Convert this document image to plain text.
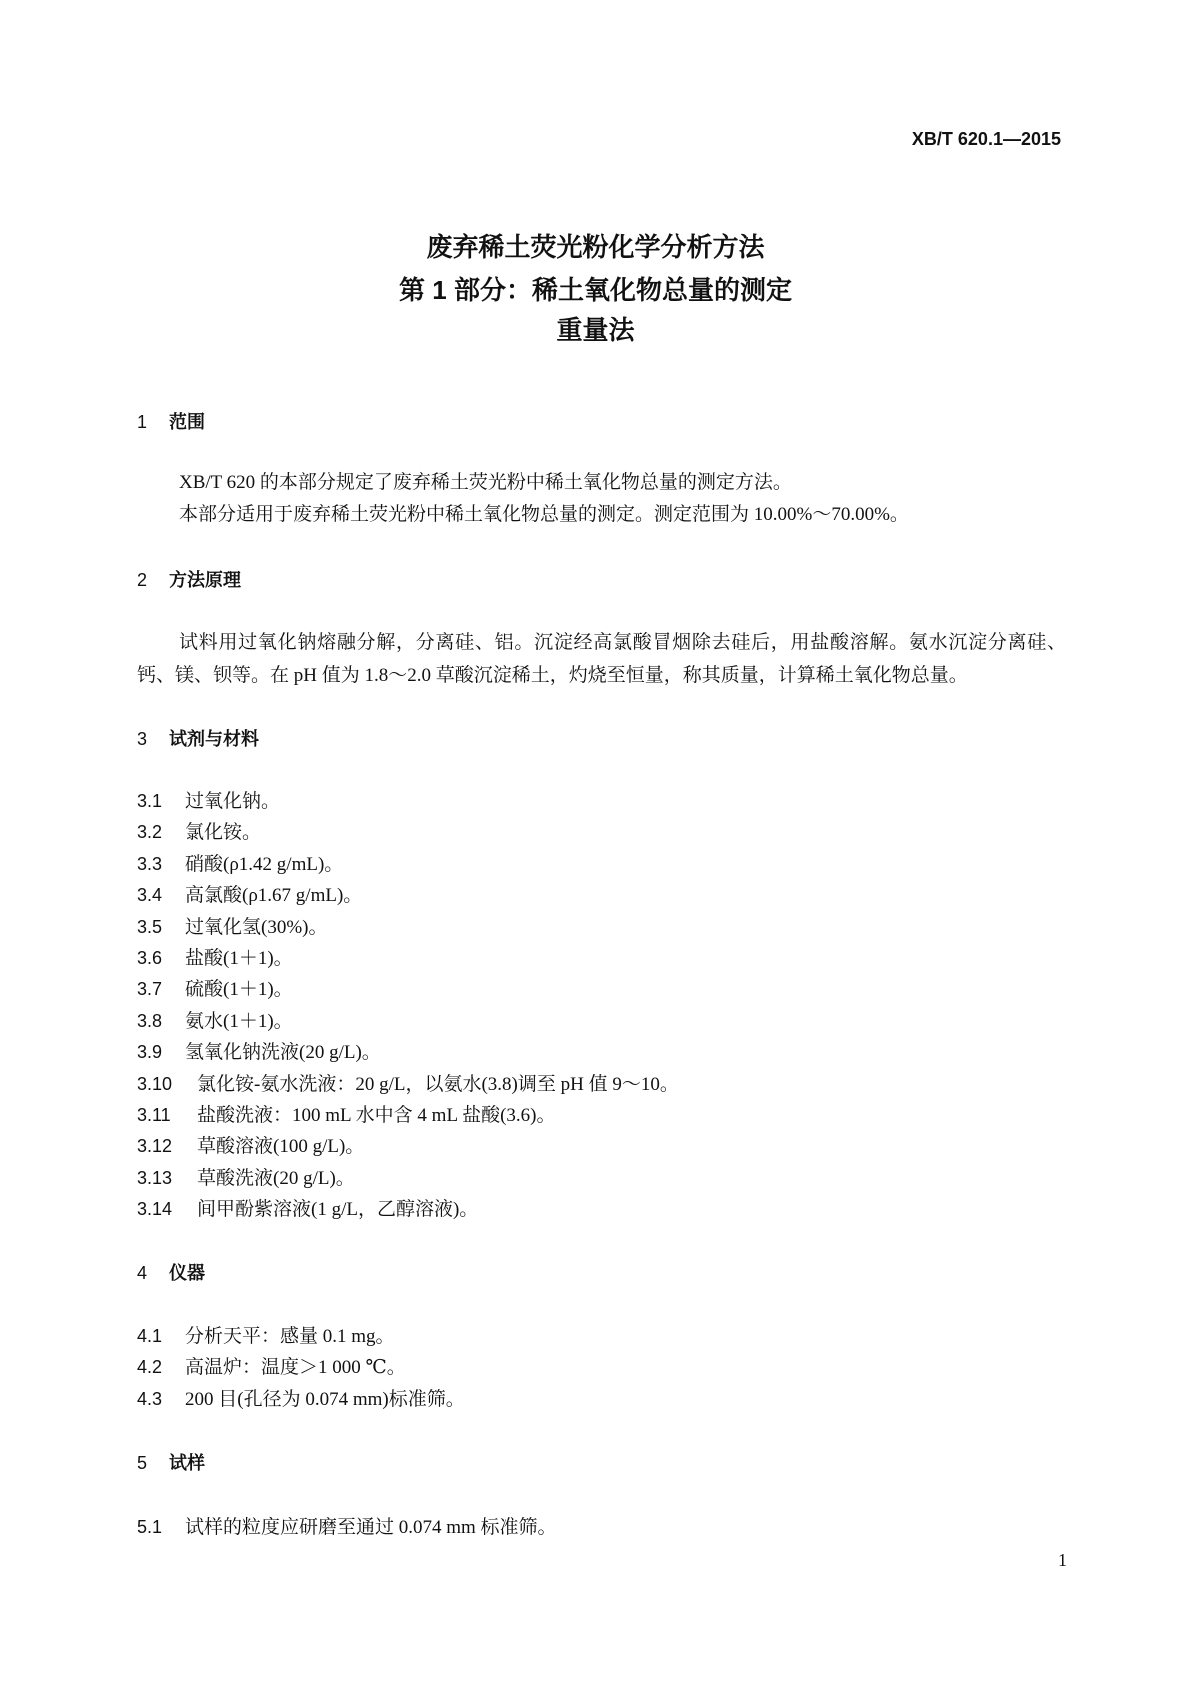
XB/T 620.1—2015
废弃稀土荧光粉化学分析方法
第 1 部分：稀土氧化物总量的测定
重量法
1 范围
XB/T 620 的本部分规定了废弃稀土荧光粉中稀土氧化物总量的测定方法。
本部分适用于废弃稀土荧光粉中稀土氧化物总量的测定。测定范围为 10.00%～70.00%。
2 方法原理
试料用过氧化钠熔融分解，分离硅、铝。沉淀经高氯酸冒烟除去硅后，用盐酸溶解。氨水沉淀分离硅、钙、镁、钡等。在 pH 值为 1.8～2.0 草酸沉淀稀土，灼烧至恒量，称其质量，计算稀土氧化物总量。
3 试剂与材料
3.1 过氧化钠。
3.2 氯化铵。
3.3 硝酸(ρ1.42 g/mL)。
3.4 高氯酸(ρ1.67 g/mL)。
3.5 过氧化氢(30%)。
3.6 盐酸(1＋1)。
3.7 硫酸(1＋1)。
3.8 氨水(1＋1)。
3.9 氢氧化钠洗液(20 g/L)。
3.10 氯化铵-氨水洗液：20 g/L，以氨水(3.8)调至 pH 值 9～10。
3.11 盐酸洗液：100 mL 水中含 4 mL 盐酸(3.6)。
3.12 草酸溶液(100 g/L)。
3.13 草酸洗液(20 g/L)。
3.14 间甲酚紫溶液(1 g/L，乙醇溶液)。
4 仪器
4.1 分析天平：感量 0.1 mg。
4.2 高温炉：温度＞1 000 ℃。
4.3 200 目(孔径为 0.074 mm)标准筛。
5 试样
5.1 试样的粒度应研磨至通过 0.074 mm 标准筛。
1
